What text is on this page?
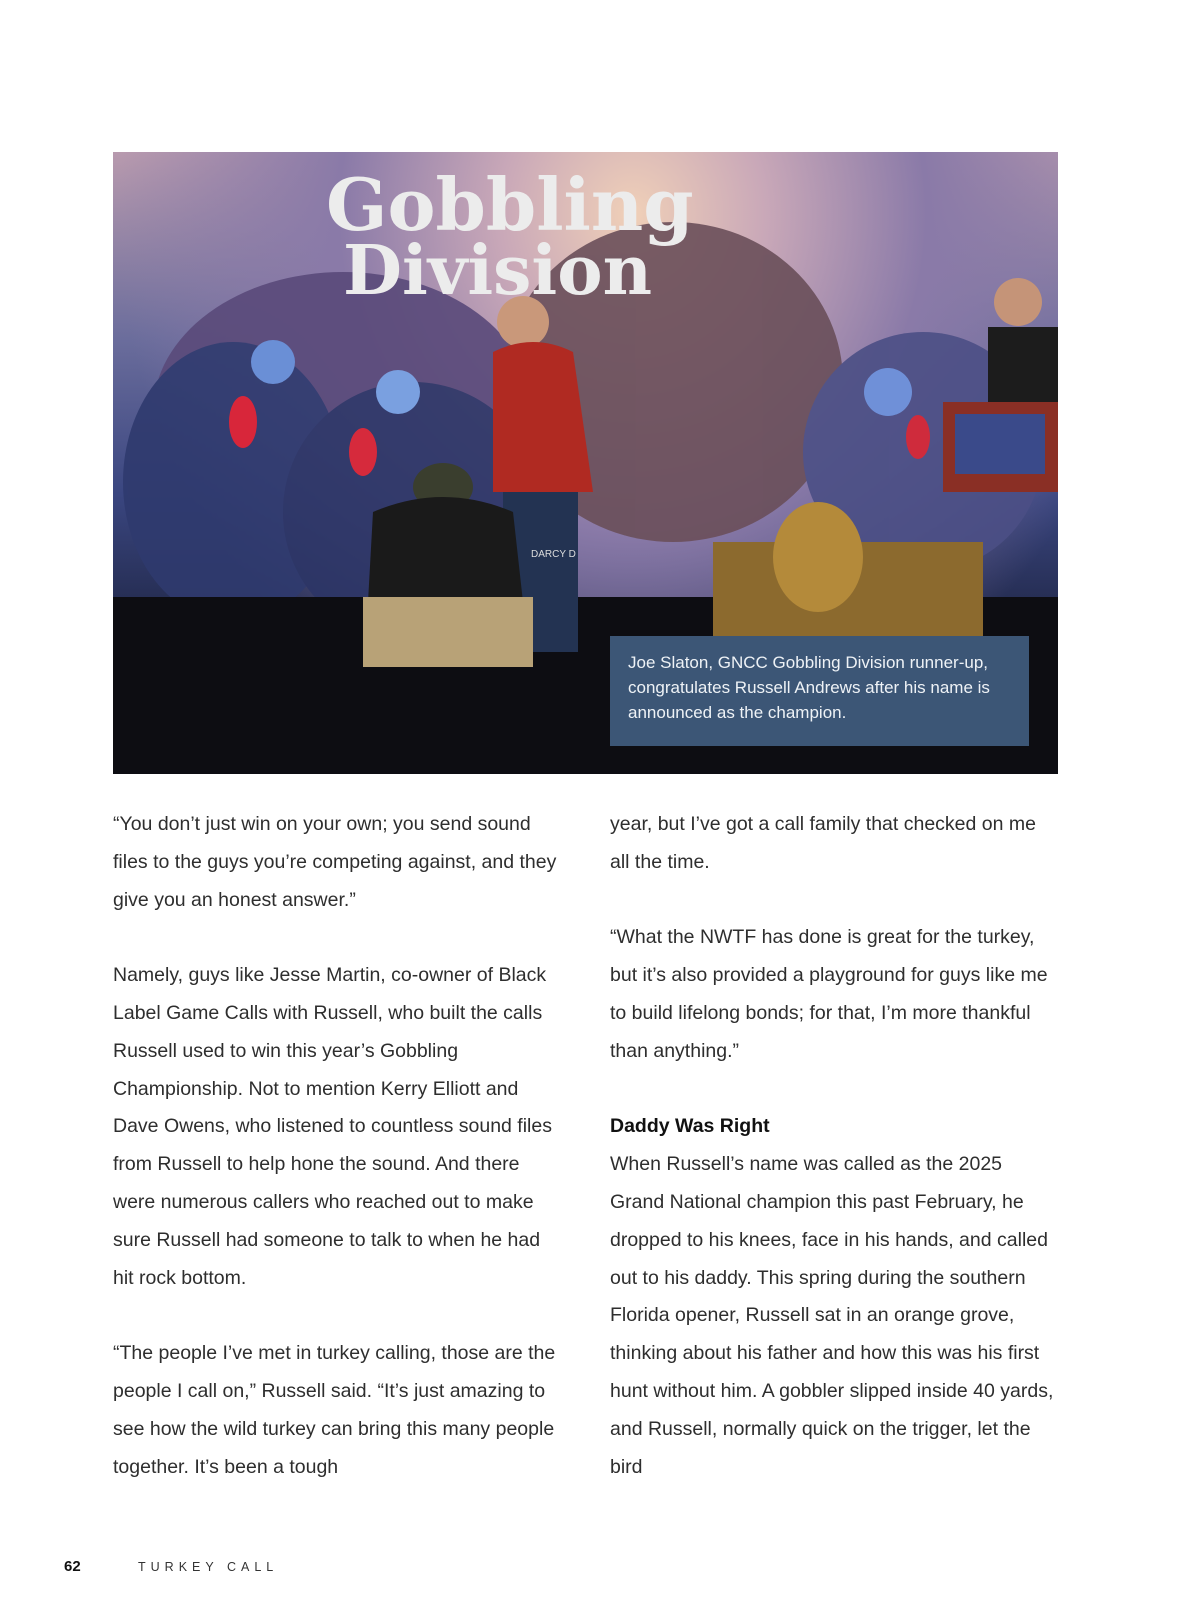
Gobbling
Division
DARCY D
Joe Slaton, GNCC Gobbling Division runner-up, congratulates Russell Andrews after his name is announced as the champion.

“You don’t just win on your own; you send sound files to the guys you’re competing against, and they give you an honest answer.”

Namely, guys like Jesse Martin, co-owner of Black Label Game Calls with Russell, who built the calls Russell used to win this year’s Gobbling Championship. Not to mention Kerry Elliott and Dave Owens, who listened to countless sound files from Russell to help hone the sound. And there were numerous callers who reached out to make sure Russell had someone to talk to when he had hit rock bottom.

“The people I’ve met in turkey calling, those are the people I call on,” Russell said. “It’s just amazing to see how the wild turkey can bring this many people together. It’s been a tough

year, but I’ve got a call family that checked on me all the time.

“What the NWTF has done is great for the turkey, but it’s also provided a playground for guys like me to build lifelong bonds; for that, I’m more thankful than anything.”

Daddy Was Right

When Russell’s name was called as the 2025 Grand National champion this past February, he dropped to his knees, face in his hands, and called out to his daddy. This spring during the southern Florida opener, Russell sat in an orange grove, thinking about his father and how this was his first hunt without him. A gobbler slipped inside 40 yards, and Russell, normally quick on the trigger, let the bird

62	TURKEY CALL
